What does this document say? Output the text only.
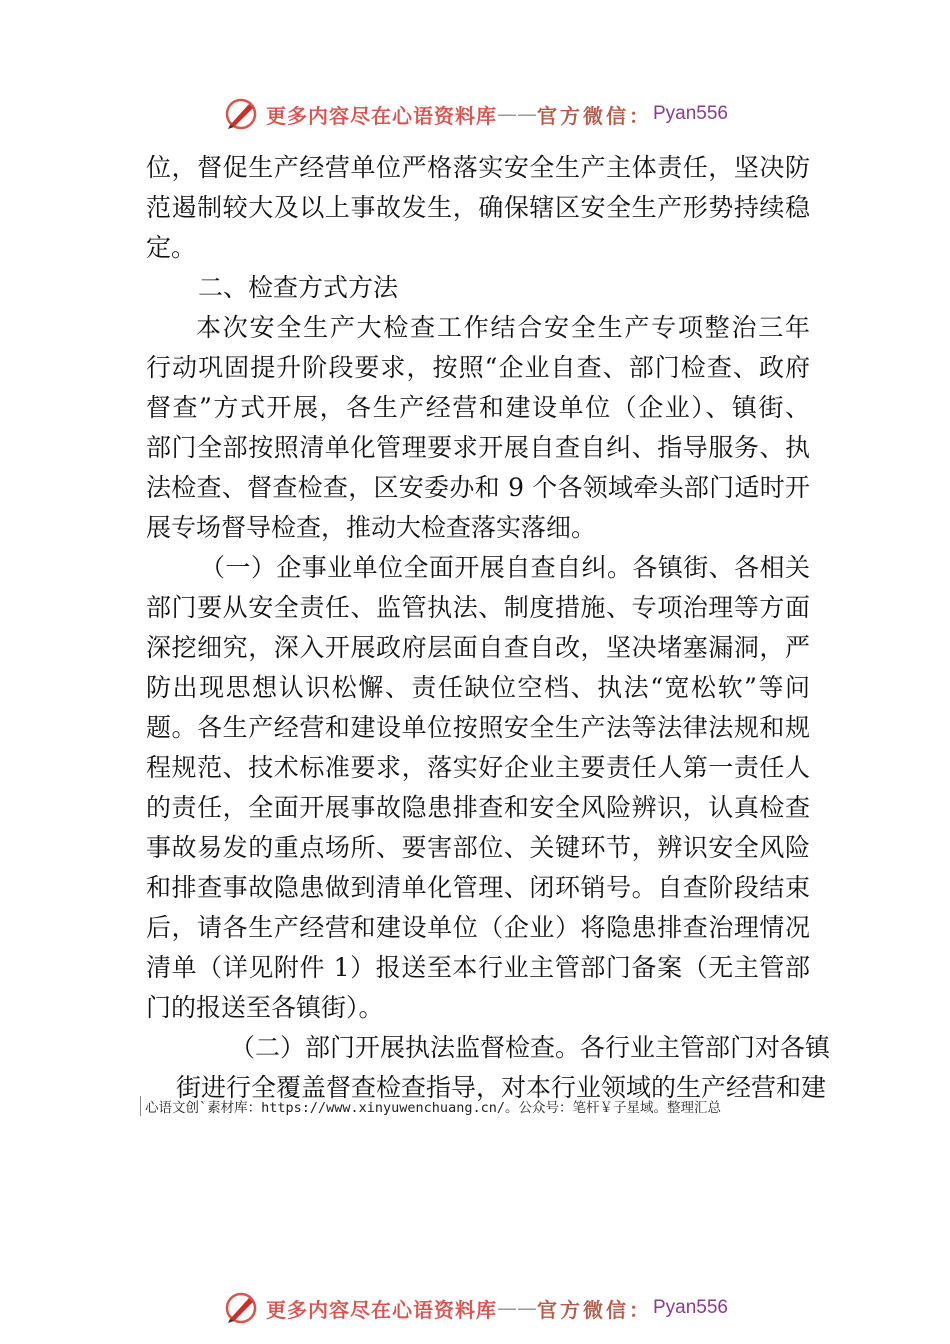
更多内容尽在心语资料库 —— 官方微信 ： Pyan556
位，督促生产经营单位严格落实安全生产主体责任，坚决防
范遏制较大及以上事故发生，确保辖区安全生产形势持续稳
定。
二、检查方式方法
本次安全生产大检查工作结合安全生产专项整治三年
行动巩固提升阶段要求，按照“企业自查、部门检查、政府
督查”方式开展，各生产经营和建设单位（企业）、镇街、
部门全部按照清单化管理要求开展自查自纠、指导服务、执
法检查、督查检查，区安委办和 9 个各领域牵头部门适时开
展专场督导检查，推动大检查落实落细。
（一）企事业单位全面开展自查自纠。各镇街、各相关
部门要从安全责任、监管执法、制度措施、专项治理等方面
深挖细究，深入开展政府层面自查自改，坚决堵塞漏洞，严
防出现思想认识松懈、责任缺位空档、执法“宽松软”等问
题。各生产经营和建设单位按照安全生产法等法律法规和规
程规范、技术标准要求，落实好企业主要责任人第一责任人
的责任，全面开展事故隐患排查和安全风险辨识，认真检查
事故易发的重点场所、要害部位、关键环节，辨识安全风险
和排查事故隐患做到清单化管理、闭环销号。自查阶段结束
后，请各生产经营和建设单位（企业）将隐患排查治理情况
清单（详见附件 1）报送至本行业主管部门备案（无主管部
门的报送至各镇街）。
（二）部门开展执法监督检查。各行业主管部门对各镇
街进行全覆盖督查检查指导，对本行业领域的生产经营和建
心语文创`素材库：https://www.xinyuwenchuang.cn/。公众号：笔杆￥子星域。整理汇总
更多内容尽在心语资料库 —— 官方微信 ： Pyan556
